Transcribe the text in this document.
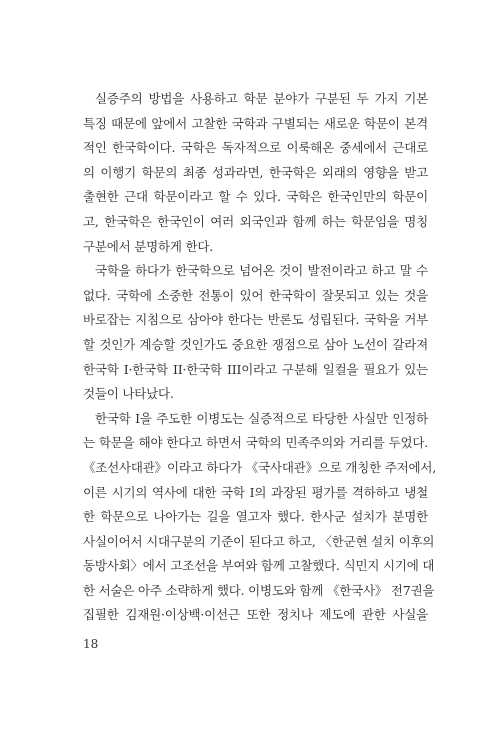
실증주의 방법을 사용하고 학문 분야가 구분된 두 가지 기본
특징 때문에 앞에서 고찰한 국학과 구별되는 새로운 학문이 본격
적인 한국학이다. 국학은 독자적으로 이룩해온 중세에서 근대로
의 이행기 학문의 최종 성과라면, 한국학은 외래의 영향을 받고
출현한 근대 학문이라고 할 수 있다. 국학은 한국인만의 학문이
고, 한국학은 한국인이 여러 외국인과 함께 하는 학문임을 명칭
구분에서 분명하게 한다.
국학을 하다가 한국학으로 넘어온 것이 발전이라고 하고 말 수
없다. 국학에 소중한 전통이 있어 한국학이 잘못되고 있는 것을
바로잡는 지침으로 삼아야 한다는 반론도 성립된다. 국학을 거부
할 것인가 계승할 것인가도 중요한 쟁점으로 삼아 노선이 갈라져
한국학 I·한국학 II·한국학 III이라고 구분해 일컬을 필요가 있는
것들이 나타났다.
한국학 I을 주도한 이병도는 실증적으로 타당한 사실만 인정하
는 학문을 해야 한다고 하면서 국학의 민족주의와 거리를 두었다.
《조선사대관》이라고 하다가 《국사대관》으로 개칭한 주저에서,
이른 시기의 역사에 대한 국학 I의 과장된 평가를 격하하고 냉철
한 학문으로 나아가는 길을 열고자 했다. 한사군 설치가 분명한
사실이어서 시대구분의 기준이 된다고 하고, 〈한군현 설치 이후의
동방사회〉에서 고조선을 부여와 함께 고찰했다. 식민지 시기에 대
한 서술은 아주 소략하게 했다. 이병도와 함께 《한국사》 전7권을
집필한 김재원·이상백·이선근 또한 정치나 제도에 관한 사실을
18
